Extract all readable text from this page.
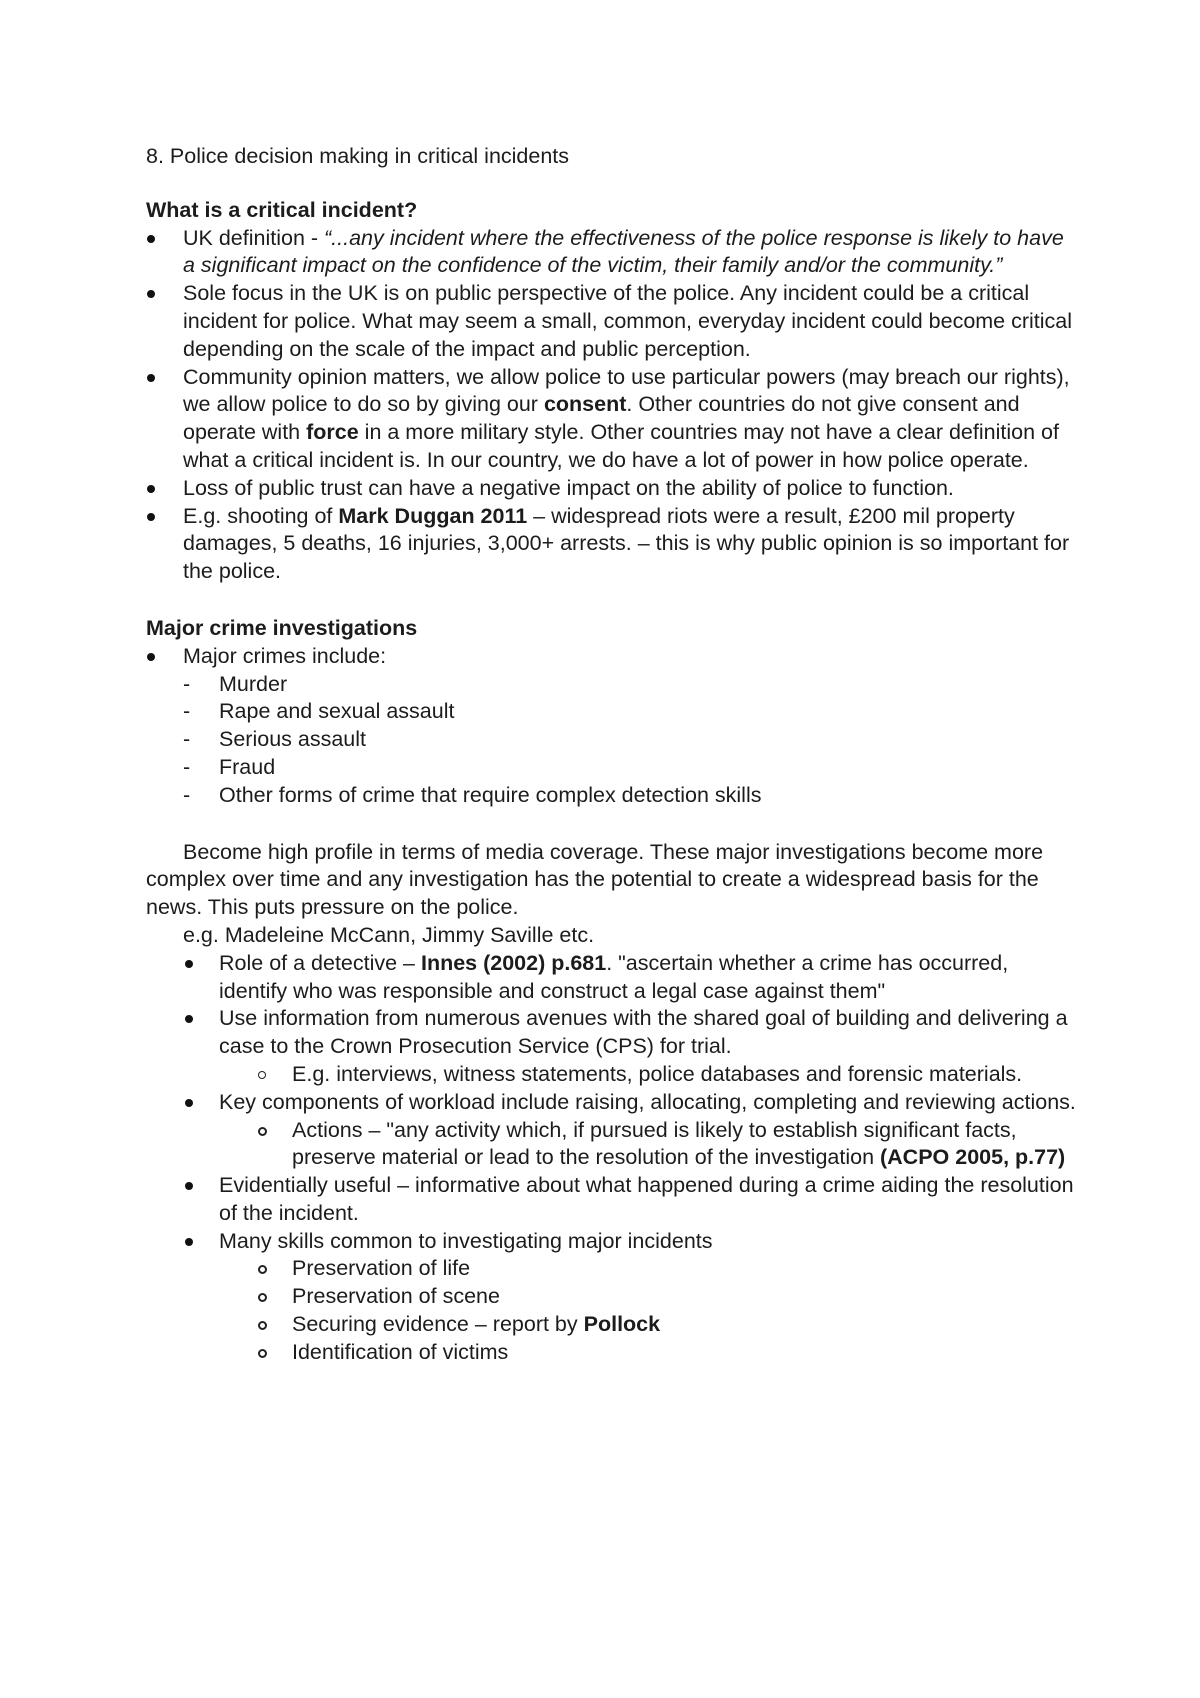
8. Police decision making in critical incidents

What is a critical incident?

UK definition - “...any incident where the effectiveness of the police response is likely to have a significant impact on the confidence of the victim, their family and/or the community.”
Sole focus in the UK is on public perspective of the police. Any incident could be a critical incident for police. What may seem a small, common, everyday incident could become critical depending on the scale of the impact and public perception.
Community opinion matters, we allow police to use particular powers (may breach our rights), we allow police to do so by giving our consent. Other countries do not give consent and operate with force in a more military style. Other countries may not have a clear definition of what a critical incident is. In our country, we do have a lot of power in how police operate.
Loss of public trust can have a negative impact on the ability of police to function.
E.g. shooting of Mark Duggan 2011 – widespread riots were a result, £200 mil property damages, 5 deaths, 16 injuries, 3,000+ arrests. – this is why public opinion is so important for the police.

Major crime investigations

Major crimes include:
- Murder
- Rape and sexual assault
- Serious assault
- Fraud
- Other forms of crime that require complex detection skills

Become high profile in terms of media coverage. These major investigations become more complex over time and any investigation has the potential to create a widespread basis for the news. This puts pressure on the police.

e.g. Madeleine McCann, Jimmy Saville etc.

Role of a detective – Innes (2002) p.681. "ascertain whether a crime has occurred, identify who was responsible and construct a legal case against them"
Use information from numerous avenues with the shared goal of building and delivering a case to the Crown Prosecution Service (CPS) for trial.
E.g. interviews, witness statements, police databases and forensic materials.
Key components of workload include raising, allocating, completing and reviewing actions.
Actions – "any activity which, if pursued is likely to establish significant facts, preserve material or lead to the resolution of the investigation (ACPO 2005, p.77)
Evidentially useful – informative about what happened during a crime aiding the resolution of the incident.
Many skills common to investigating major incidents
Preservation of life
Preservation of scene
Securing evidence – report by Pollock
Identification of victims
